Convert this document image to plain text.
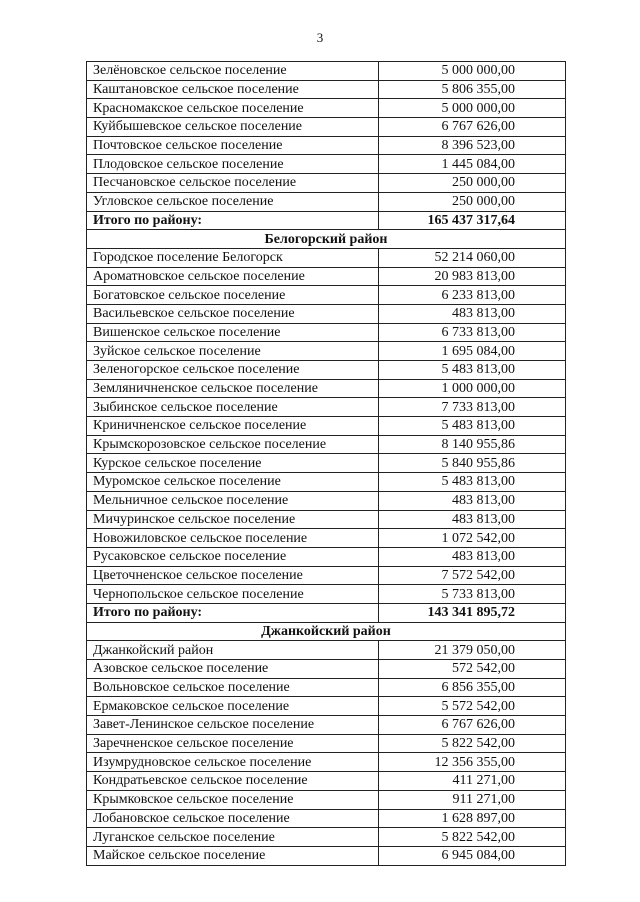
3
Зелёновское сельское поселение	5 000 000,00
Каштановское сельское поселение	5 806 355,00
Красномакское сельское поселение	5 000 000,00
Куйбышевское сельское поселение	6 767 626,00
Почтовское сельское поселение	8 396 523,00
Плодовское сельское поселение	1 445 084,00
Песчановское сельское поселение	250 000,00
Угловское сельское поселение	250 000,00
Итого по району:	165 437 317,64
Белогорский район	
Городское поселение Белогорск	52 214 060,00
Ароматновское сельское поселение	20 983 813,00
Богатовское сельское поселение	6 233 813,00
Васильевское сельское поселение	483 813,00
Вишенское сельское поселение	6 733 813,00
Зуйское сельское поселение	1 695 084,00
Зеленогорское сельское поселение	5 483 813,00
Земляничненское сельское поселение	1 000 000,00
Зыбинское сельское поселение	7 733 813,00
Криничненское сельское поселение	5 483 813,00
Крымскорозовское сельское поселение	8 140 955,86
Курское сельское поселение	5 840 955,86
Муромское сельское поселение	5 483 813,00
Мельничное сельское поселение	483 813,00
Мичуринское сельское поселение	483 813,00
Новожиловское сельское поселение	1 072 542,00
Русаковское сельское поселение	483 813,00
Цветочненское сельское поселение	7 572 542,00
Чернопольское сельское поселение	5 733 813,00
Итого по району:	143 341 895,72
Джанкойский район	
Джанкойский район	21 379 050,00
Азовское сельское поселение	572 542,00
Вольновское сельское поселение	6 856 355,00
Ермаковское сельское поселение	5 572 542,00
Завет-Ленинское сельское поселение	6 767 626,00
Заречненское сельское поселение	5 822 542,00
Изумрудновское сельское поселение	12 356 355,00
Кондратьевское сельское поселение	411 271,00
Крымковское сельское поселение	911 271,00
Лобановское сельское поселение	1 628 897,00
Луганское сельское поселение	5 822 542,00
Майское сельское поселение	6 945 084,00
